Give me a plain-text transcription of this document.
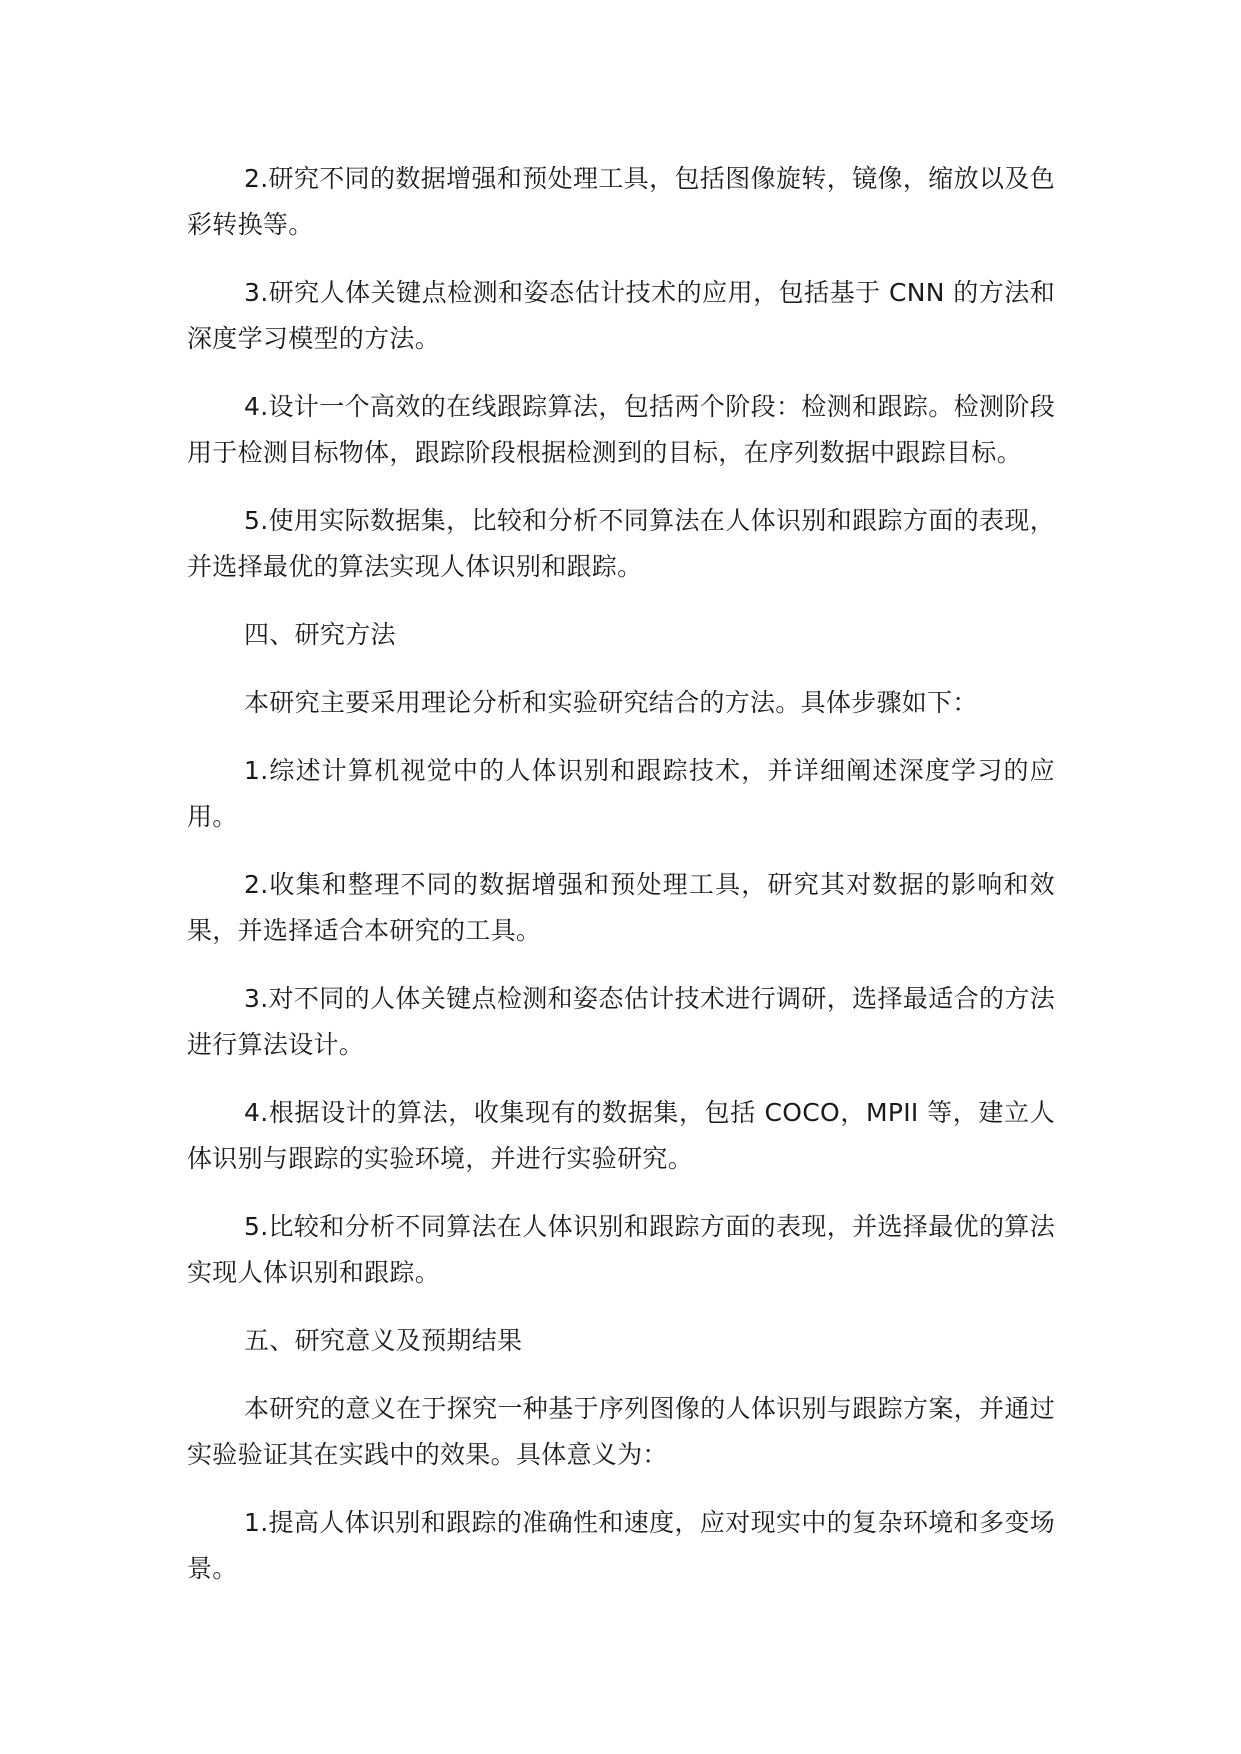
2.研究不同的数据增强和预处理工具，包括图像旋转，镜像，缩放以及色彩转换等。

3.研究人体关键点检测和姿态估计技术的应用，包括基于 CNN 的方法和深度学习模型的方法。

4.设计一个高效的在线跟踪算法，包括两个阶段：检测和跟踪。检测阶段用于检测目标物体，跟踪阶段根据检测到的目标，在序列数据中跟踪目标。

5.使用实际数据集，比较和分析不同算法在人体识别和跟踪方面的表现，并选择最优的算法实现人体识别和跟踪。

四、研究方法

本研究主要采用理论分析和实验研究结合的方法。具体步骤如下：

1.综述计算机视觉中的人体识别和跟踪技术，并详细阐述深度学习的应用。

2.收集和整理不同的数据增强和预处理工具，研究其对数据的影响和效果，并选择适合本研究的工具。

3.对不同的人体关键点检测和姿态估计技术进行调研，选择最适合的方法进行算法设计。

4.根据设计的算法，收集现有的数据集，包括 COCO，MPII 等，建立人体识别与跟踪的实验环境，并进行实验研究。

5.比较和分析不同算法在人体识别和跟踪方面的表现，并选择最优的算法实现人体识别和跟踪。

五、研究意义及预期结果

本研究的意义在于探究一种基于序列图像的人体识别与跟踪方案，并通过实验验证其在实践中的效果。具体意义为：

1.提高人体识别和跟踪的准确性和速度，应对现实中的复杂环境和多变场景。
